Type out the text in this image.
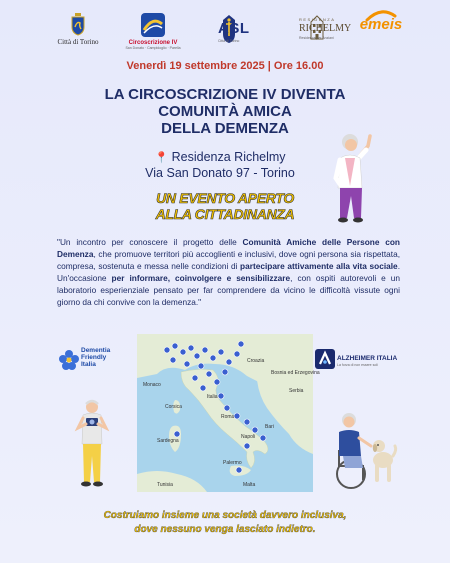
Città di Torino	Circoscrizione IV
San Donato · Campidoglio · Parella
ASL
Città di Torino
RESIDENZA
RICHELMY
Residenza per Anziani
emeis
Venerdì 19 settembre 2025 | Ore 16.00
LA CIRCOSCRIZIONE IV DIVENTA
COMUNITÀ AMICA
DELLA DEMENZA
📍 Residenza Richelmy
Via San Donato 97 - Torino
UN EVENTO APERTO
ALLA CITTADINANZA
"Un incontro per conoscere il progetto delle Comunità Amiche delle Persone con Demenza, che promuove territori più accoglienti e inclusivi, dove ogni persona sia rispettata, compresa, sostenuta e messa nelle condizioni di partecipare attivamente alla vita sociale. Un'occasione per informare, coinvolgere e sensibilizzare, con ospiti autorevoli e un laboratorio esperienziale pensato per far comprendere da vicino le difficoltà vissute ogni giorno da chi convive con la demenza."
Dementia
Friendly
Italia
ALZHEIMER ITALIA
La forza di non essere soli
Monaco
Corsica
Sardegna
Roma
Italia
Bosnia ed Erzegovina
Serbia
Croazia
Napoli
Bari
Palermo
Tunisia	Malta
Costruiamo insieme una società davvero inclusiva,
dove nessuno venga lasciato indietro.
